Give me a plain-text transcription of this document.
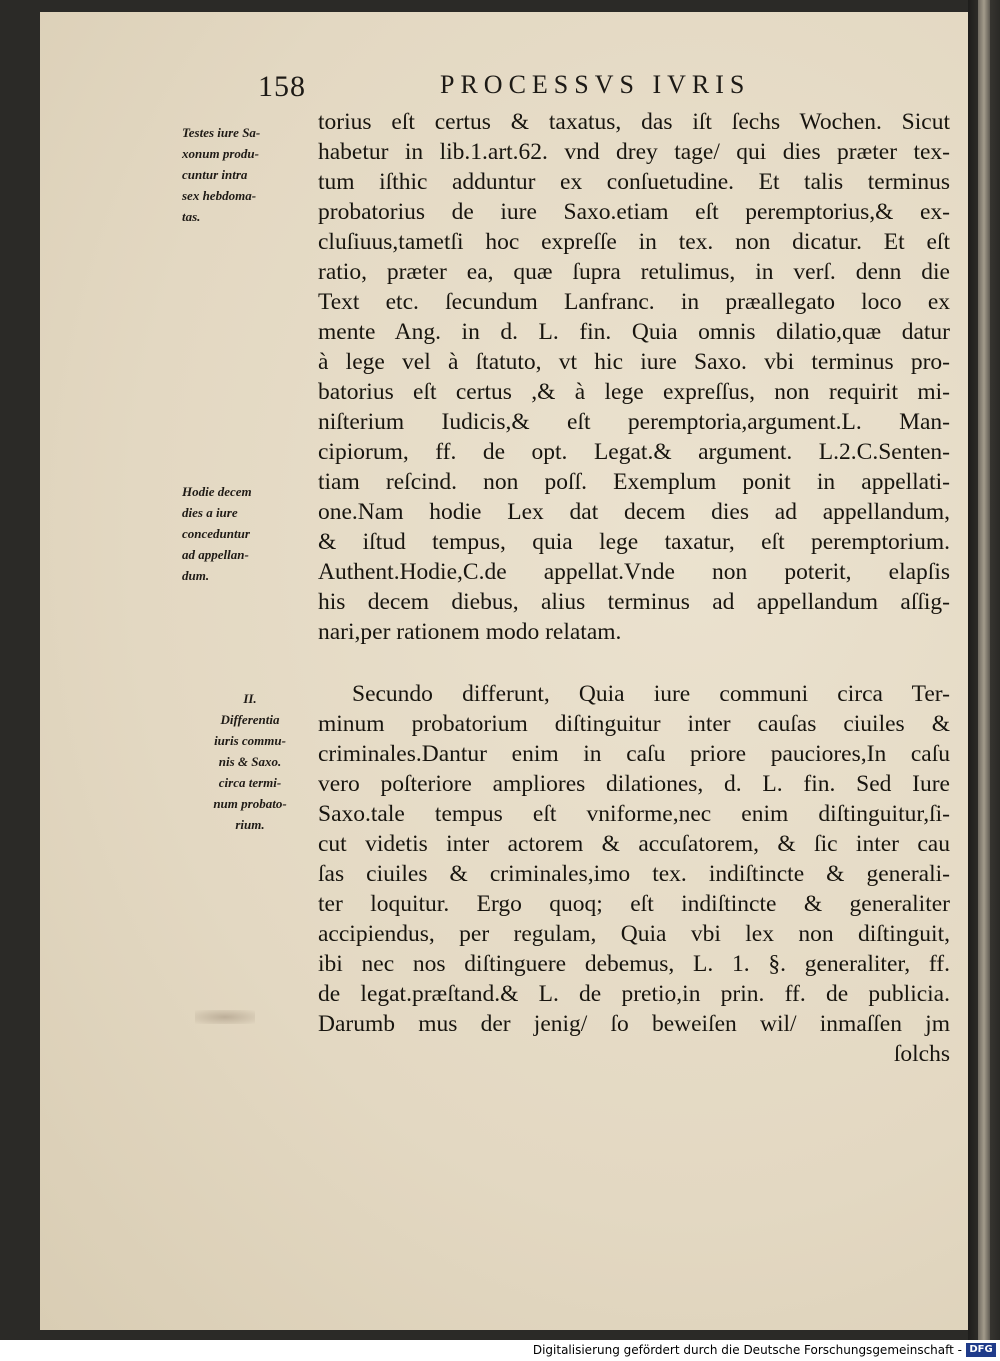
158	PROCESSVS IVRIS
Testes iure Sa-
xonum produ-
cuntur intra
sex hebdoma-
tas.
Hodie decem
dies a iure
conceduntur
ad appellan-
dum.
II.
Differentia
iuris commu-
nis & Saxo.
circa termi-
num probato-
rium.
torius eſt certus & taxatus, das iſt ſechs Wochen. Sicut
habetur in lib.1.art.62. vnd drey tage/ qui dies præter tex-
tum iſthic adduntur ex conſuetudine. Et talis terminus
probatorius de iure Saxo.etiam eſt peremptorius,& ex-
cluſiuus,tametſi hoc expreſſe in tex. non dicatur. Et eſt
ratio, præter ea, quæ ſupra retulimus, in verſ. denn die
Text etc. ſecundum Lanfranc. in præallegato loco ex
mente Ang. in d. L. fin. Quia omnis dilatio,quæ datur
à lege vel à ſtatuto, vt hic iure Saxo. vbi terminus pro-
batorius eſt certus ,& à lege expreſſus, non requirit mi-
niſterium Iudicis,& eſt peremptoria,argument.L. Man-
cipiorum, ff. de opt. Legat.& argument. L.2.C.Senten-
tiam reſcind. non poſſ. Exemplum ponit in appellati-
one.Nam hodie Lex dat decem dies ad appellandum,
& iſtud tempus, quia lege taxatur, eſt peremptorium.
Authent.Hodie,C.de appellat.Vnde non poterit, elapſis
his decem diebus, alius terminus ad appellandum aſſig-
nari,per rationem modo relatam.
Secundo differunt, Quia iure communi circa Ter-
minum probatorium diſtinguitur inter cauſas ciuiles &
criminales.Dantur enim in caſu priore pauciores,In caſu
vero poſteriore ampliores dilationes, d. L. fin. Sed Iure
Saxo.tale tempus eſt vniforme,nec enim diſtinguitur,ſi-
cut videtis inter actorem & accuſatorem, & ſic inter cau
ſas ciuiles & criminales,imo tex. indiſtincte & generali-
ter loquitur. Ergo quoq; eſt indiſtincte & generaliter
accipiendus, per regulam, Quia vbi lex non diſtinguit,
ibi nec nos diſtinguere debemus, L. 1. §. generaliter, ff.
de legat.præſtand.& L. de pretio,in prin. ff. de publicia.
Darumb mus der jenig/ ſo beweiſen wil/ inmaſſen jm
ſolchs
Digitalisierung gefördert durch die Deutsche Forschungsgemeinschaft - DFG
